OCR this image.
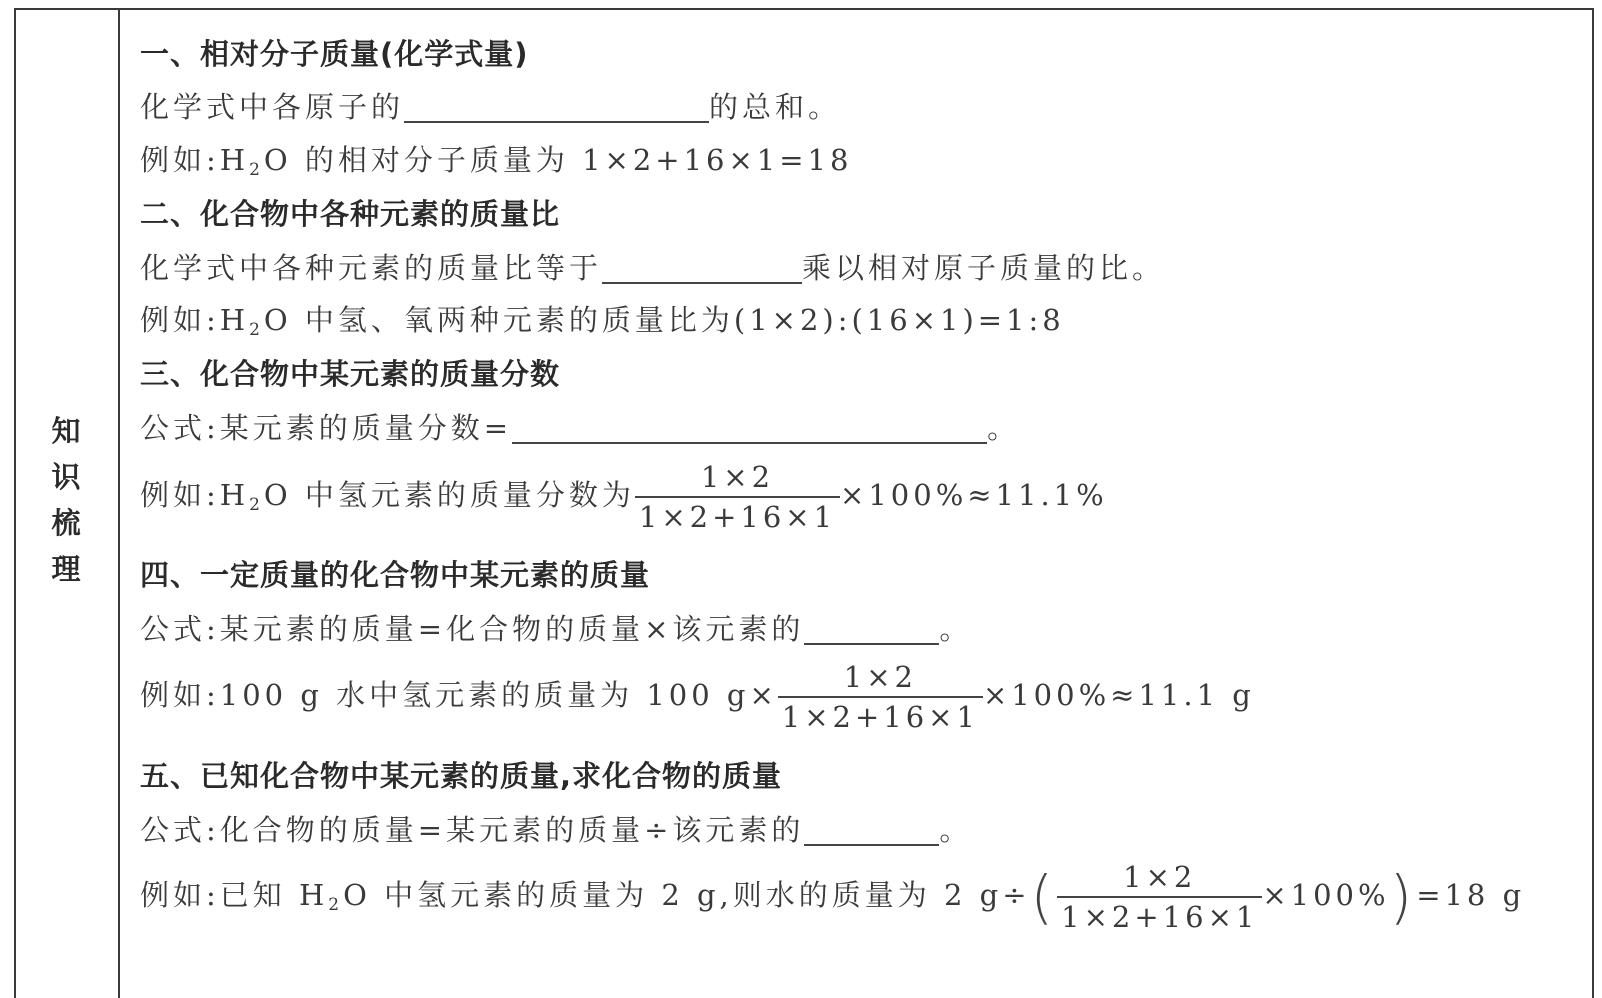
知
识
梳
理
一、相对分子质量(化学式量)
化学式中各原子的	的总和。
例如$:H_2O$ 的相对分子质量为 1×2+16×1=18
二、化合物中各种元素的质量比
化学式中各种元素的质量比等于	乘以相对原子质量的比。
例如$:H_2O$ 中氢、氧两种元素的质量比为(1×2):(16×1)=1:8
三、化合物中某元素的质量分数
公式:某元素的质量分数=	。
例如$:H_2O$ 中氢元素的质量分数为 $\frac{1\times 2}{1\times 2+16\times 1} \times 100\%\approx 11.1\%$
四、一定质量的化合物中某元素的质量
公式:某元素的质量=化合物的质量×该元素的	。
例如:100 g 水中氢元素的质量为 100 $g\times \frac{1\times 2}{1\times 2+16\times 1} \times 100\%\approx 11.1$ g
五、已知化合物中某元素的质量,求化合物的质量
公式:化合物的质量=某元素的质量÷该元素的	。
例如:已知 $H_2O$ 中氢元素的质量为 2 g,则水的质量为 2 $g\div( \frac{1\times 2}{1\times 2+16\times 1} \times 100\%)=18$ g
